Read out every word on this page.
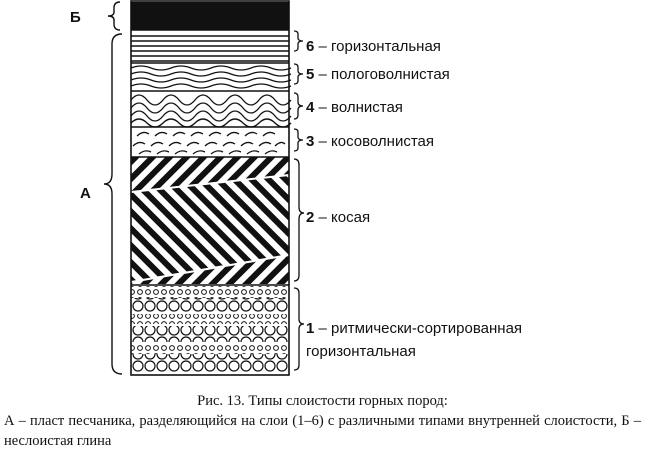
Б
А
6 – горизонтальная
5 – пологоволнистая
4 – волнистая
3 – косоволнистая
2 – косая
1 – ритмически-сортированная
горизонтальная
Рис. 13. Типы слоистости горных пород:
А – пласт песчаника, разделяющийся на слои (1–6) с различными типами внутренней слоистости, Б – неслоистая глина
